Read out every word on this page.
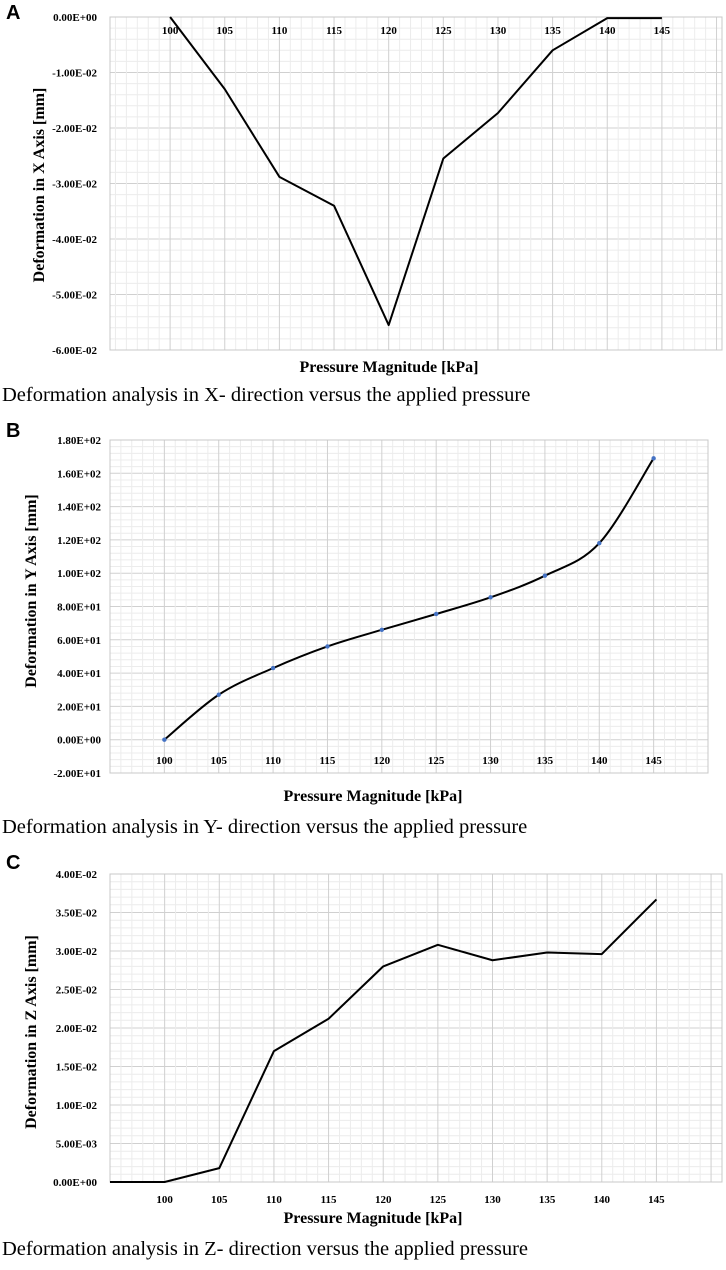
A
Pressure Magnitude [kPa]
Deformation in X Axis [mm]
0.00E+00
-1.00E-02
-2.00E-02
-3.00E-02
-4.00E-02
-5.00E-02
-6.00E-02
100	105	110	115	120	125	130	135	140	145
Deformation analysis in X- direction versus the applied pressure
B
Pressure Magnitude [kPa]
Deformation in Y Axis [mm]
1.80E+02
1.60E+02
1.40E+02
1.20E+02
1.00E+02
8.00E+01
6.00E+01
4.00E+01
2.00E+01
0.00E+00
-2.00E+01
100	105	110	115	120	125	130	135	140	145
Deformation analysis in Y- direction versus the applied pressure
C
Pressure Magnitude [kPa]
Deformation in Z Axis [mm]
4.00E-02
3.50E-02
3.00E-02
2.50E-02
2.00E-02
1.50E-02
1.00E-02
5.00E-03
0.00E+00
100	105	110	115	120	125	130	135	140	145
Deformation analysis in Z- direction versus the applied pressure
